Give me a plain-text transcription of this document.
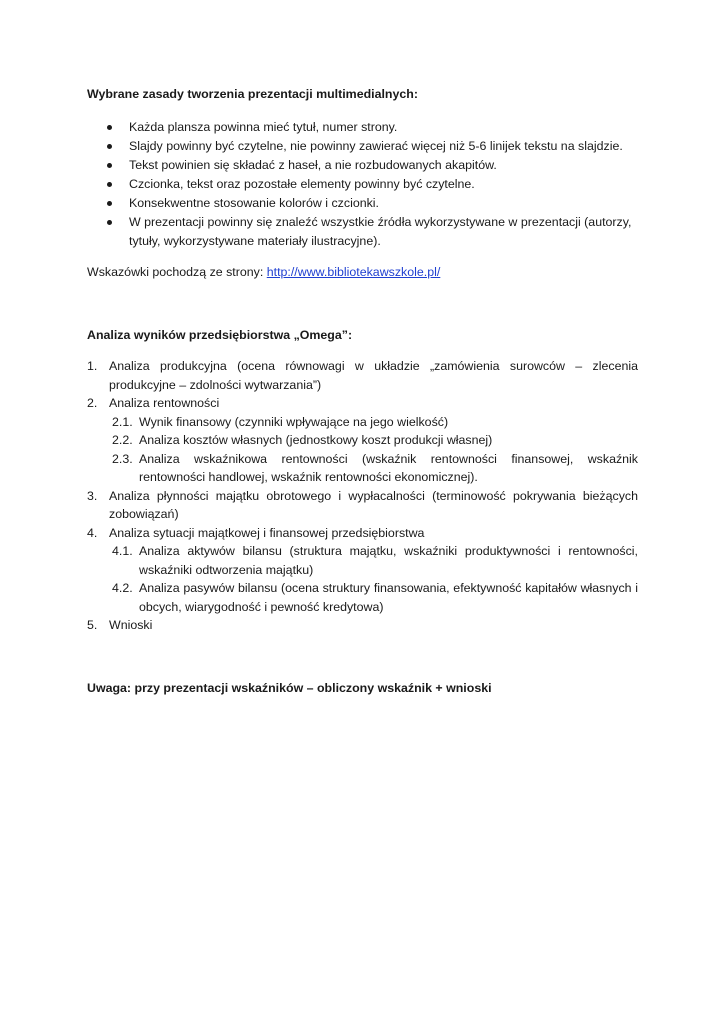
Wybrane zasady tworzenia prezentacji multimedialnych:

Każda plansza powinna mieć tytuł, numer strony.
Slajdy powinny być czytelne, nie powinny zawierać więcej niż 5-6 linijek tekstu na slajdzie.
Tekst powinien się składać z haseł, a nie rozbudowanych akapitów.
Czcionka, tekst oraz pozostałe elementy powinny być czytelne.
Konsekwentne stosowanie kolorów i czcionki.
W prezentacji powinny się znaleźć wszystkie źródła wykorzystywane w prezentacji (autorzy, tytuły, wykorzystywane materiały ilustracyjne).

Wskazówki pochodzą ze strony: http://www.bibliotekawszkole.pl/

Analiza wyników przedsiębiorstwa „Omega”:

1. Analiza produkcyjna (ocena równowagi w układzie „zamówienia surowców – zlecenia produkcyjne – zdolności wytwarzania”)
2. Analiza rentowności
2.1. Wynik finansowy (czynniki wpływające na jego wielkość)
2.2. Analiza kosztów własnych (jednostkowy koszt produkcji własnej)
2.3. Analiza wskaźnikowa rentowności (wskaźnik rentowności finansowej, wskaźnik rentowności handlowej, wskaźnik rentowności ekonomicznej).
3. Analiza płynności majątku obrotowego i wypłacalności (terminowość pokrywania bieżących zobowiązań)
4. Analiza sytuacji majątkowej i finansowej przedsiębiorstwa
4.1. Analiza aktywów bilansu (struktura majątku, wskaźniki produktywności i rentowności, wskaźniki odtworzenia majątku)
4.2. Analiza pasywów bilansu (ocena struktury finansowania, efektywność kapitałów własnych i obcych, wiarygodność i pewność kredytowa)
5. Wnioski

Uwaga: przy prezentacji wskaźników – obliczony wskaźnik + wnioski
